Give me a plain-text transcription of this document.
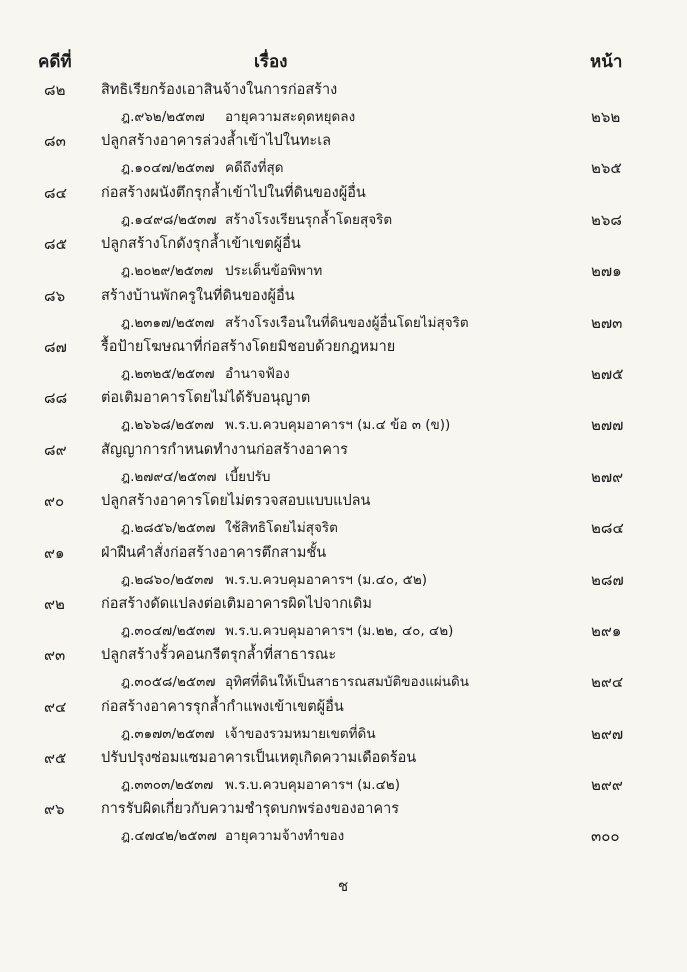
คดีที่	เรื่อง	หน้า
๘๒ สิทธิเรียกร้องเอาสินจ้างในการก่อสร้าง
ฎ.๙๖๒/๒๕๓๗ อายุความสะดุดหยุดลง	๒๖๒
๘๓ ปลูกสร้างอาคารล่วงล้ำเข้าไปในทะเล
ฎ.๑๐๔๗/๒๕๓๗ คดีถึงที่สุด	๒๖๕
๘๔ ก่อสร้างผนังตึกรุกล้ำเข้าไปในที่ดินของผู้อื่น
ฎ.๑๔๙๘/๒๕๓๗ สร้างโรงเรียนรุกล้ำโดยสุจริต	๒๖๘
๘๕ ปลูกสร้างโกดังรุกล้ำเข้าเขตผู้อื่น
ฎ.๒๐๒๙/๒๕๓๗ ประเด็นข้อพิพาท	๒๗๑
๘๖ สร้างบ้านพักครูในที่ดินของผู้อื่น
ฎ.๒๓๑๗/๒๕๓๗ สร้างโรงเรือนในที่ดินของผู้อื่นโดยไม่สุจริต	๒๗๓
๘๗ รื้อป้ายโฆษณาที่ก่อสร้างโดยมิชอบด้วยกฎหมาย
ฎ.๒๓๒๕/๒๕๓๗ อำนาจฟ้อง	๒๗๕
๘๘ ต่อเติมอาคารโดยไม่ได้รับอนุญาต
ฎ.๒๖๖๘/๒๕๓๗ พ.ร.บ.ควบคุมอาคารฯ (ม.๔ ข้อ ๓ (ข))	๒๗๗
๘๙ สัญญาการกำหนดทำงานก่อสร้างอาคาร
ฎ.๒๗๙๔/๒๕๓๗ เบี้ยปรับ	๒๗๙
๙๐	ปลูกสร้างอาคารโดยไม่ตรวจสอบแบบแปลน
ฎ.๒๘๕๖/๒๕๓๗ ใช้สิทธิโดยไม่สุจริต	๒๘๔
๙๑	ฝ่าฝืนคำสั่งก่อสร้างอาคารตึกสามชั้น
ฎ.๒๘๖๐/๒๕๓๗ พ.ร.บ.ควบคุมอาคารฯ (ม.๔๐, ๕๒)	๒๘๗
๙๒ ก่อสร้างดัดแปลงต่อเติมอาคารผิดไปจากเดิม
ฎ.๓๐๔๗/๒๕๓๗ พ.ร.บ.ควบคุมอาคารฯ (ม.๒๒, ๔๐, ๔๒)	๒๙๑
๙๓ ปลูกสร้างรั้วคอนกรีตรุกล้ำที่สาธารณะ
ฎ.๓๐๕๘/๒๕๓๗ อุทิศที่ดินให้เป็นสาธารณสมบัติของแผ่นดิน	๒๙๔
๙๔ ก่อสร้างอาคารรุกล้ำกำแพงเข้าเขตผู้อื่น
ฎ.๓๑๗๓/๒๕๓๗ เจ้าของรวมหมายเขตที่ดิน	๒๙๗
๙๕ ปรับปรุงซ่อมแซมอาคารเป็นเหตุเกิดความเดือดร้อน
ฎ.๓๓๐๓/๒๕๓๗ พ.ร.บ.ควบคุมอาคารฯ (ม.๔๒)	๒๙๙
๙๖	การรับผิดเกี่ยวกับความชำรุดบกพร่องของอาคาร
ฎ.๔๗๔๒/๒๕๓๗ อายุความจ้างทำของ	๓๐๐
ช
